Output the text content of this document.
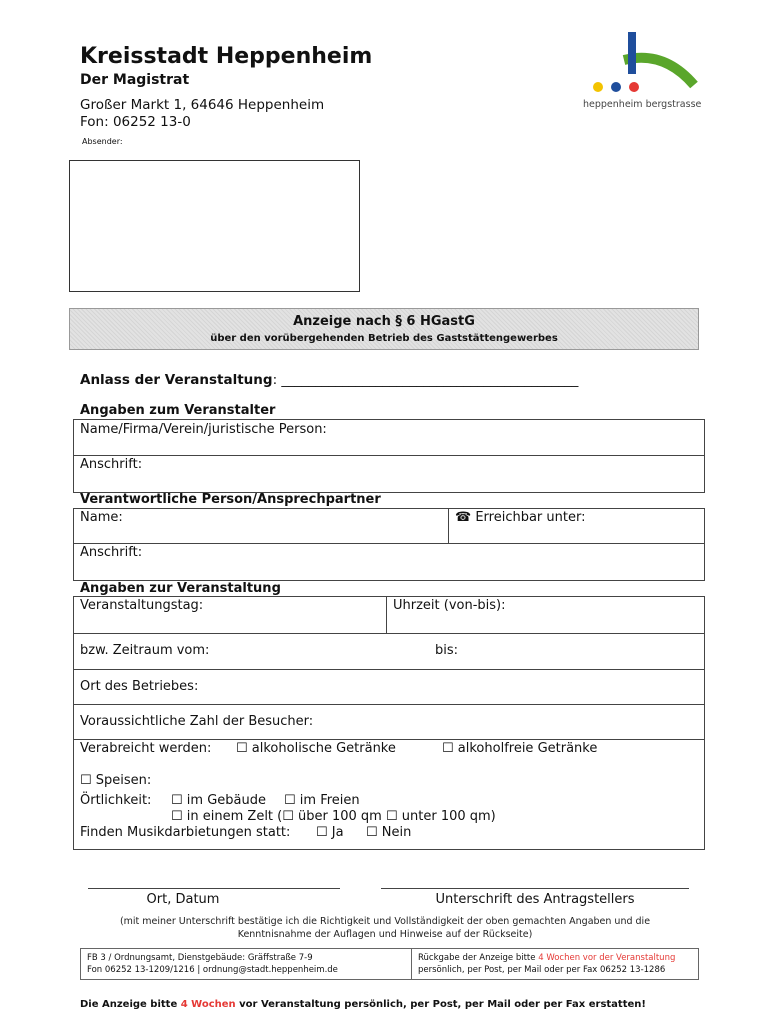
Kreisstadt Heppenheim
Der Magistrat
Großer Markt 1, 64646 Heppenheim
Fon: 06252 13-0
Absender:
heppenheim bergstrasse
Anzeige nach § 6 HGastG
über den vorübergehenden Betrieb des Gaststättengewerbes
Anlass der Veranstaltung: ____________________________________________
Angaben zum Veranstalter
Name/Firma/Verein/juristische Person:
Anschrift:
Verantwortliche Person/Ansprechpartner
Name:	☎ Erreichbar unter:
Anschrift:
Angaben zur Veranstaltung
Veranstaltungstag:	Uhrzeit (von-bis):
bzw. Zeitraum vom:	bis:
Ort des Betriebes:
Voraussichtliche Zahl der Besucher:
Verabreicht werden: ☐ alkoholische Getränke	☐ alkoholfreie Getränke
☐ Speisen:
Örtlichkeit: ☐ im Gebäude ☐ im Freien
☐ in einem Zelt (☐ über 100 qm ☐ unter 100 qm)
Finden Musikdarbietungen statt: ☐ Ja ☐ Nein
Ort, Datum	Unterschrift des Antragstellers
(mit meiner Unterschrift bestätige ich die Richtigkeit und Vollständigkeit der oben gemachten Angaben und die Kenntnisnahme der Auflagen und Hinweise auf der Rückseite)
FB 3 / Ordnungsamt, Dienstgebäude: Gräffstraße 7-9
Fon 06252 13-1209/1216 | ordnung@stadt.heppenheim.de
Rückgabe der Anzeige bitte 4 Wochen vor der Veranstaltung
persönlich, per Post, per Mail oder per Fax 06252 13-1286
Die Anzeige bitte 4 Wochen vor Veranstaltung persönlich, per Post, per Mail oder per Fax erstatten!
